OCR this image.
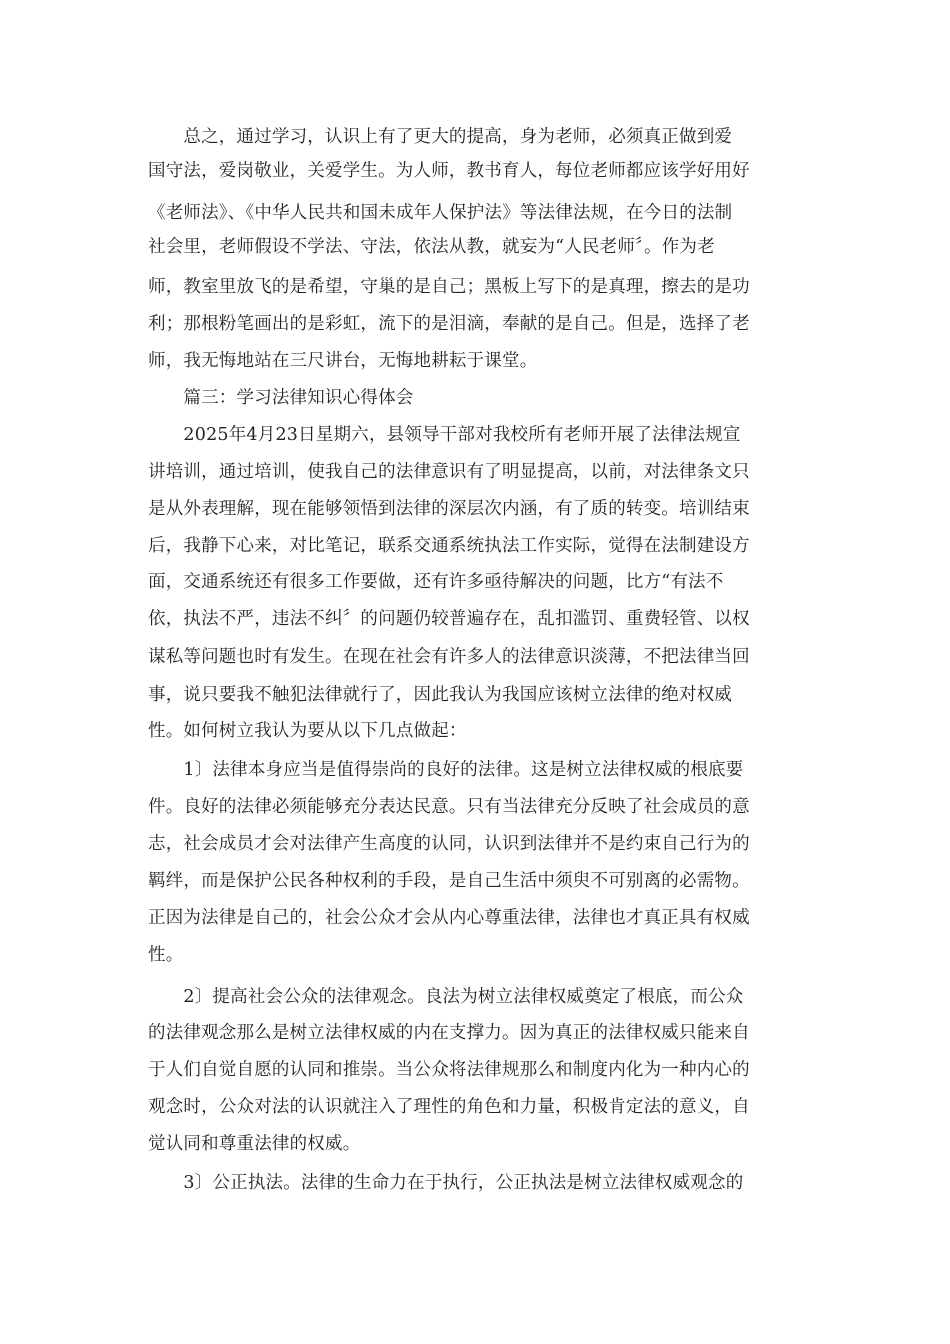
　　总之，通过学习，认识上有了更大的提高，身为老师，必须真正做到爱
国守法，爱岗敬业，关爱学生。为人师，教书育人，每位老师都应该学好用好
《老师法》、《中华人民共和国未成年人保护法》等法律法规，在今日的法制
社会里，老师假设不学法、守法，依法从教，就妄为“人民老师〞。作为老
师，教室里放飞的是希望，守巢的是自己；黑板上写下的是真理，擦去的是功
利；那根粉笔画出的是彩虹，流下的是泪滴，奉献的是自己。但是，选择了老
师，我无悔地站在三尺讲台，无悔地耕耘于课堂。
　　篇三：学习法律知识心得体会
　　2025年4月23日星期六，县领导干部对我校所有老师开展了法律法规宣
讲培训，通过培训，使我自己的法律意识有了明显提高，以前，对法律条文只
是从外表理解，现在能够领悟到法律的深层次内涵，有了质的转变。培训结束
后，我静下心来，对比笔记，联系交通系统执法工作实际，觉得在法制建设方
面，交通系统还有很多工作要做，还有许多亟待解决的问题，比方“有法不
依，执法不严，违法不纠〞的问题仍较普遍存在，乱扣滥罚、重费轻管、以权
谋私等问题也时有发生。在现在社会有许多人的法律意识淡薄，不把法律当回
事，说只要我不触犯法律就行了，因此我认为我国应该树立法律的绝对权威
性。如何树立我认为要从以下几点做起：
　　1〕法律本身应当是值得崇尚的良好的法律。这是树立法律权威的根底要
件。良好的法律必须能够充分表达民意。只有当法律充分反映了社会成员的意
志，社会成员才会对法律产生高度的认同，认识到法律并不是约束自己行为的
羁绊，而是保护公民各种权利的手段，是自己生活中须臾不可别离的必需物。
正因为法律是自己的，社会公众才会从内心尊重法律，法律也才真正具有权威
性。
　　2〕提高社会公众的法律观念。良法为树立法律权威奠定了根底，而公众
的法律观念那么是树立法律权威的内在支撑力。因为真正的法律权威只能来自
于人们自觉自愿的认同和推崇。当公众将法律规那么和制度内化为一种内心的
观念时，公众对法的认识就注入了理性的角色和力量，积极肯定法的意义，自
觉认同和尊重法律的权威。
　　3〕公正执法。法律的生命力在于执行，公正执法是树立法律权威观念的
